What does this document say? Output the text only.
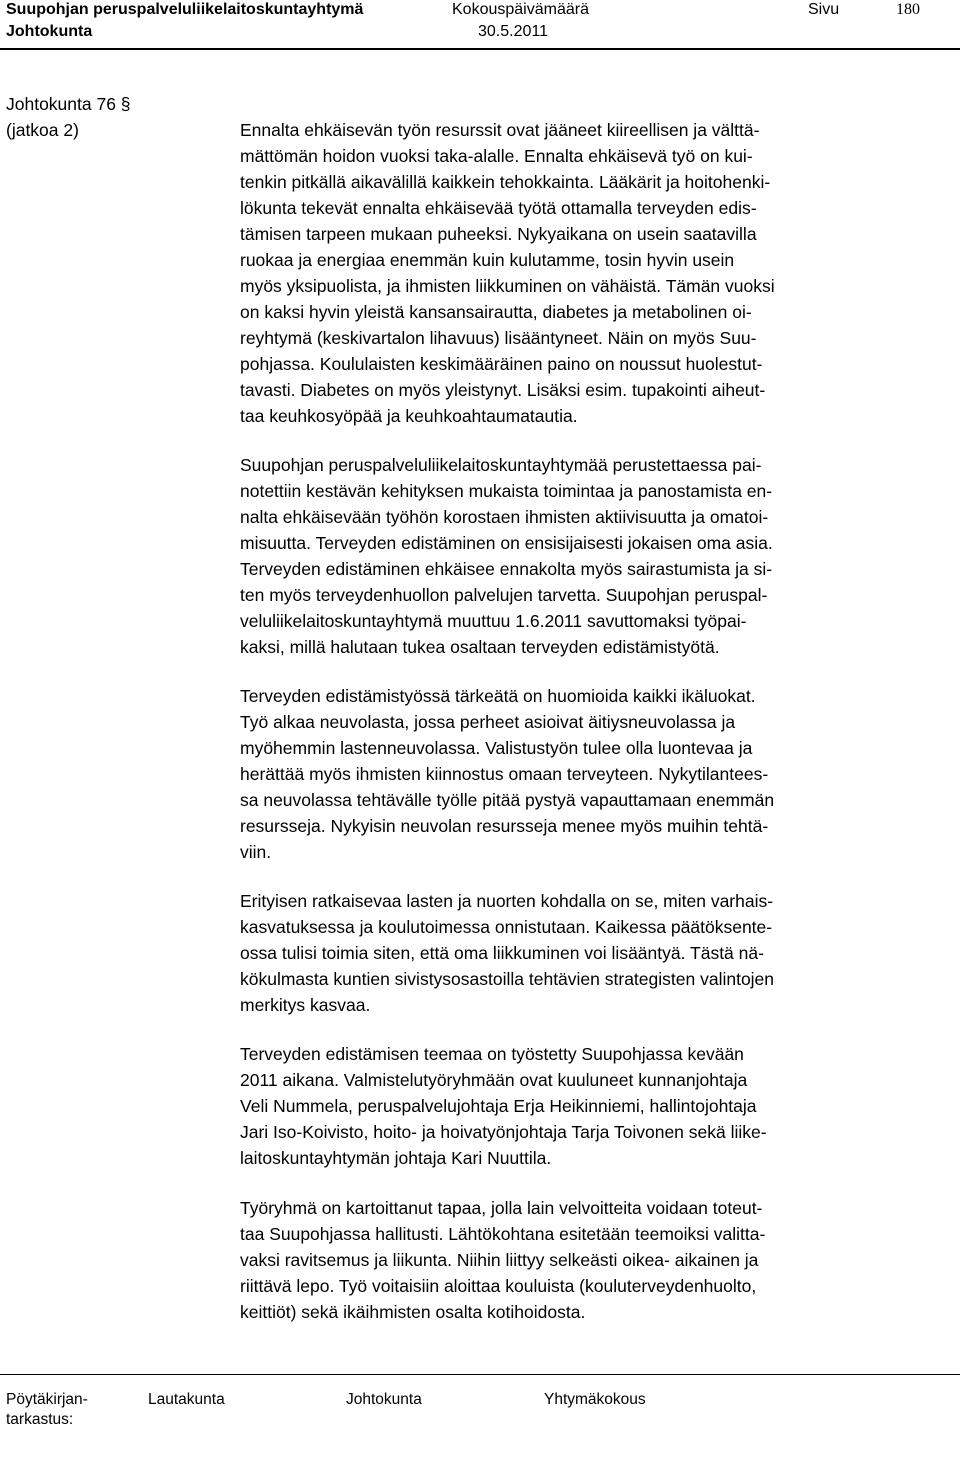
Suupohjan peruspalveluliikelaitoskuntayhtymä	Kokouspäivämäärä	Sivu	180
Johtokunta	30.5.2011
Johtokunta 76 §
(jatkoa 2)	Ennalta ehkäisevän työn resurssit ovat jääneet kiireellisen ja välttä-
mättömän hoidon vuoksi taka-alalle. Ennalta ehkäisevä työ on kui-
tenkin pitkällä aikavälillä kaikkein tehokkainta. Lääkärit ja hoitohenki-
lökunta tekevät ennalta ehkäisevää työtä ottamalla terveyden edis-
tämisen tarpeen mukaan puheeksi. Nykyaikana on usein saatavilla
ruokaa ja energiaa enemmän kuin kulutamme, tosin hyvin usein
myös yksipuolista, ja ihmisten liikkuminen on vähäistä. Tämän vuoksi
on kaksi hyvin yleistä kansansairautta, diabetes ja metabolinen oi-
reyhtymä (keskivartalon lihavuus) lisääntyneet. Näin on myös Suu-
pohjassa. Koululaisten keskimääräinen paino on noussut huolestut-
tavasti. Diabetes on myös yleistynyt. Lisäksi esim. tupakointi aiheut-
taa keuhkosyöpää ja keuhkoahtaumatautia.

Suupohjan peruspalveluliikelaitoskuntayhtymää perustettaessa pai-
notettiin kestävän kehityksen mukaista toimintaa ja panostamista en-
nalta ehkäisevään työhön korostaen ihmisten aktiivisuutta ja omatoi-
misuutta. Terveyden edistäminen on ensisijaisesti jokaisen oma asia.
Terveyden edistäminen ehkäisee ennakolta myös sairastumista ja si-
ten myös terveydenhuollon palvelujen tarvetta. Suupohjan peruspal-
veluliikelaitoskuntayhtymä muuttuu 1.6.2011 savuttomaksi työpai-
kaksi, millä halutaan tukea osaltaan terveyden edistämistyötä.

Terveyden edistämistyössä tärkeätä on huomioida kaikki ikäluokat.
Työ alkaa neuvolasta, jossa perheet asioivat äitiysneuvolassa ja
myöhemmin lastenneuvolassa. Valistustyön tulee olla luontevaa ja
herättää myös ihmisten kiinnostus omaan terveyteen. Nykytilantees-
sa neuvolassa tehtävälle työlle pitää pystyä vapauttamaan enemmän
resursseja. Nykyisin neuvolan resursseja menee myös muihin tehtä-
viin.

Erityisen ratkaisevaa lasten ja nuorten kohdalla on se, miten varhais-
kasvatuksessa ja koulutoimessa onnistutaan. Kaikessa päätöksente-
ossa tulisi toimia siten, että oma liikkuminen voi lisääntyä. Tästä nä-
kökulmasta kuntien sivistysosastoilla tehtävien strategisten valintojen
merkitys kasvaa.

Terveyden edistämisen teemaa on työstetty Suupohjassa kevään
2011 aikana. Valmistelutyöryhmään ovat kuuluneet kunnanjohtaja
Veli Nummela, peruspalvelujohtaja Erja Heikinniemi, hallintojohtaja
Jari Iso-Koivisto, hoito- ja hoivatyönjohtaja Tarja Toivonen sekä liike-
laitoskuntayhtymän johtaja Kari Nuuttila.

Työryhmä on kartoittanut tapaa, jolla lain velvoitteita voidaan toteut-
taa Suupohjassa hallitusti. Lähtökohtana esitetään teemoiksi valitta-
vaksi ravitsemus ja liikunta. Niihin liittyy selkeästi oikea- aikainen ja
riittävä lepo. Työ voitaisiin aloittaa kouluista (kouluterveydenhuolto,
keittiöt) sekä ikäihmisten osalta kotihoidosta.

Pöytäkirjan-
tarkastus:
Lautakunta	Johtokunta	Yhtymäkokous
